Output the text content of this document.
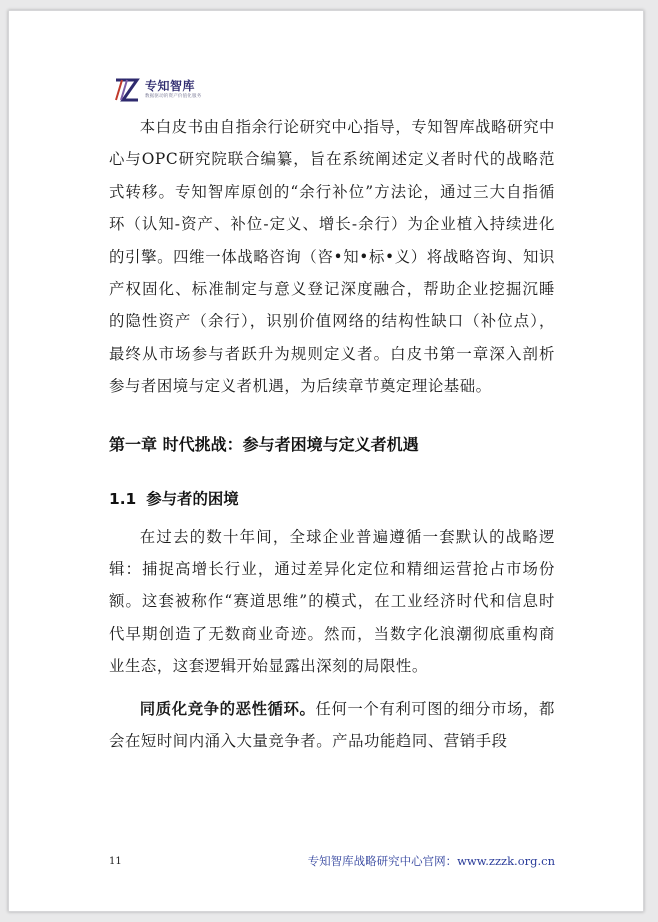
专知智库
数据驱动的资产价值化服务

本白皮书由自指余行论研究中心指导，专知智库战略研究中心与OPC研究院联合编纂，旨在系统阐述定义者时代的战略范式转移。专知智库原创的“余行补位”方法论，通过三大自指循环（认知-资产、补位-定义、增长-余行）为企业植入持续进化的引擎。四维一体战略咨询（咨•知•标•义）将战略咨询、知识产权固化、标准制定与意义登记深度融合，帮助企业挖掘沉睡的隐性资产（余行），识别价值网络的结构性缺口（补位点），最终从市场参与者跃升为规则定义者。白皮书第一章深入剖析参与者困境与定义者机遇，为后续章节奠定理论基础。

第一章 时代挑战：参与者困境与定义者机遇
1.1 参与者的困境

在过去的数十年间，全球企业普遍遵循一套默认的战略逻辑：捕捉高增长行业，通过差异化定位和精细运营抢占市场份额。这套被称作“赛道思维”的模式，在工业经济时代和信息时代早期创造了无数商业奇迹。然而，当数字化浪潮彻底重构商业生态，这套逻辑开始显露出深刻的局限性。

同质化竞争的恶性循环。任何一个有利可图的细分市场，都会在短时间内涌入大量竞争者。产品功能趋同、营销手段

11	专知智库战略研究中心官网：www.zzzk.org.cn
